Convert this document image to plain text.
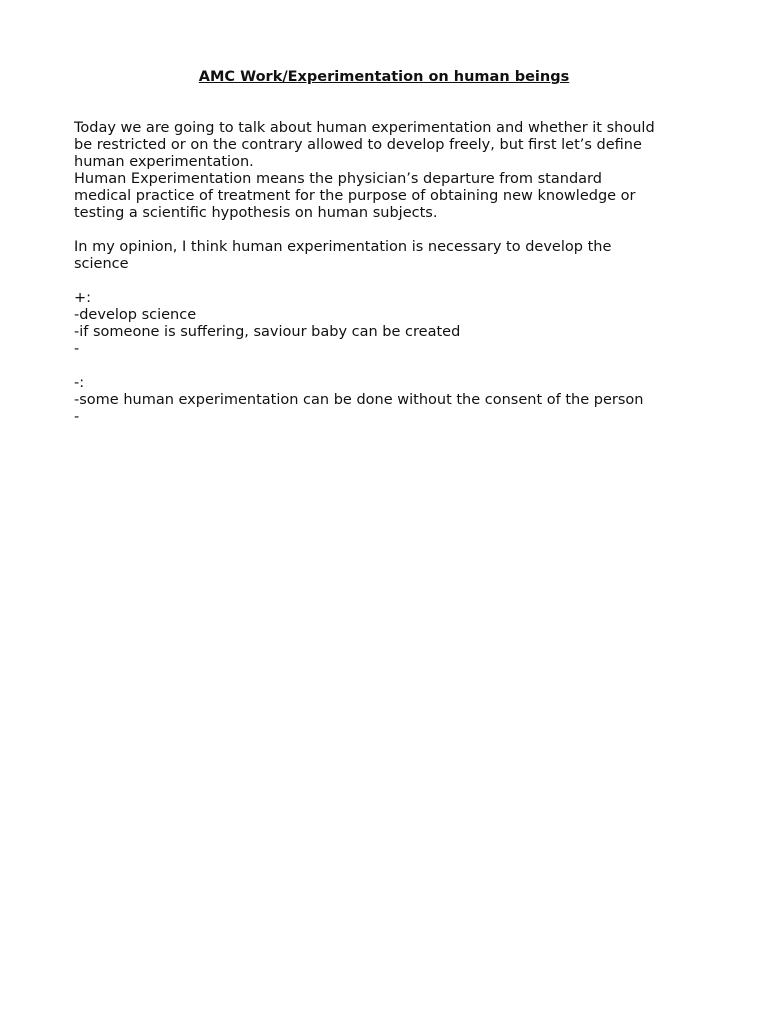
AMC Work/Experimentation on human beings
Today we are going to talk about human experimentation and whether it should
be restricted or on the contrary allowed to develop freely, but first let’s define
human experimentation.
Human Experimentation means the physician’s departure from standard
medical practice of treatment for the purpose of obtaining new knowledge or
testing a scientific hypothesis on human subjects.
In my opinion, I think human experimentation is necessary to develop the
science
+:
-develop science
-if someone is suffering, saviour baby can be created
-
-:
-some human experimentation can be done without the consent of the person
-
